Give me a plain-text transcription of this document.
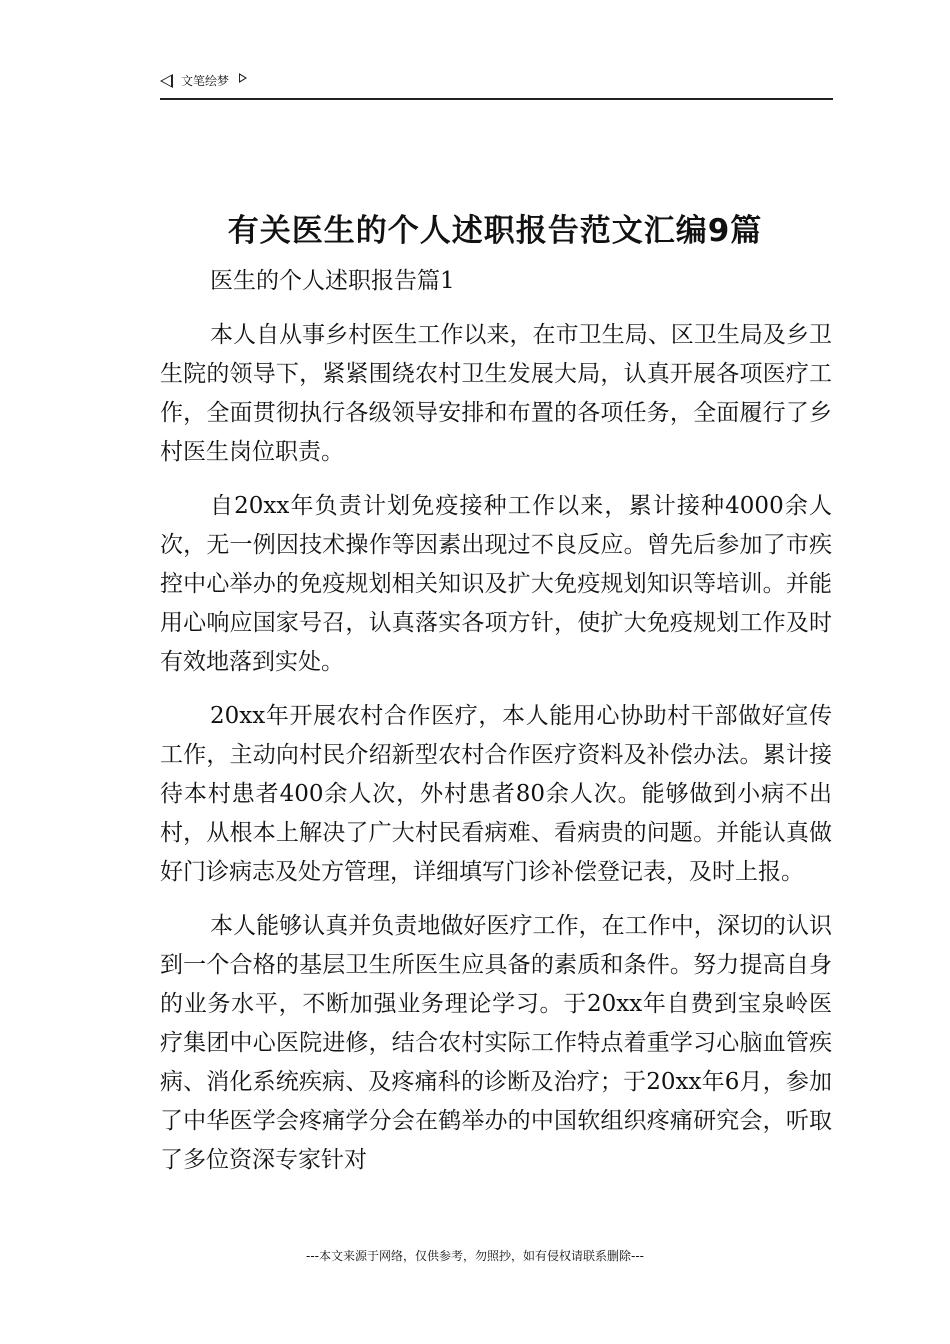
文笔绘梦
有关医生的个人述职报告范文汇编9篇

医生的个人述职报告篇1

本人自从事乡村医生工作以来，在市卫生局、区卫生局及乡卫生院的领导下，紧紧围绕农村卫生发展大局，认真开展各项医疗工作，全面贯彻执行各级领导安排和布置的各项任务，全面履行了乡村医生岗位职责。

自20xx年负责计划免疫接种工作以来，累计接种4000余人次，无一例因技术操作等因素出现过不良反应。曾先后参加了市疾控中心举办的免疫规划相关知识及扩大免疫规划知识等培训。并能用心响应国家号召，认真落实各项方针，使扩大免疫规划工作及时有效地落到实处。

20xx年开展农村合作医疗，本人能用心协助村干部做好宣传工作，主动向村民介绍新型农村合作医疗资料及补偿办法。累计接待本村患者400余人次，外村患者80余人次。能够做到小病不出村，从根本上解决了广大村民看病难、看病贵的问题。并能认真做好门诊病志及处方管理，详细填写门诊补偿登记表，及时上报。

本人能够认真并负责地做好医疗工作，在工作中，深切的认识到一个合格的基层卫生所医生应具备的素质和条件。努力提高自身的业务水平，不断加强业务理论学习。于20xx年自费到宝泉岭医疗集团中心医院进修，结合农村实际工作特点着重学习心脑血管疾病、消化系统疾病、及疼痛科的诊断及治疗；于20xx年6月，参加了中华医学会疼痛学分会在鹤举办的中国软组织疼痛研究会，听取了多位资深专家针对

---本文来源于网络，仅供参考，勿照抄，如有侵权请联系删除---
